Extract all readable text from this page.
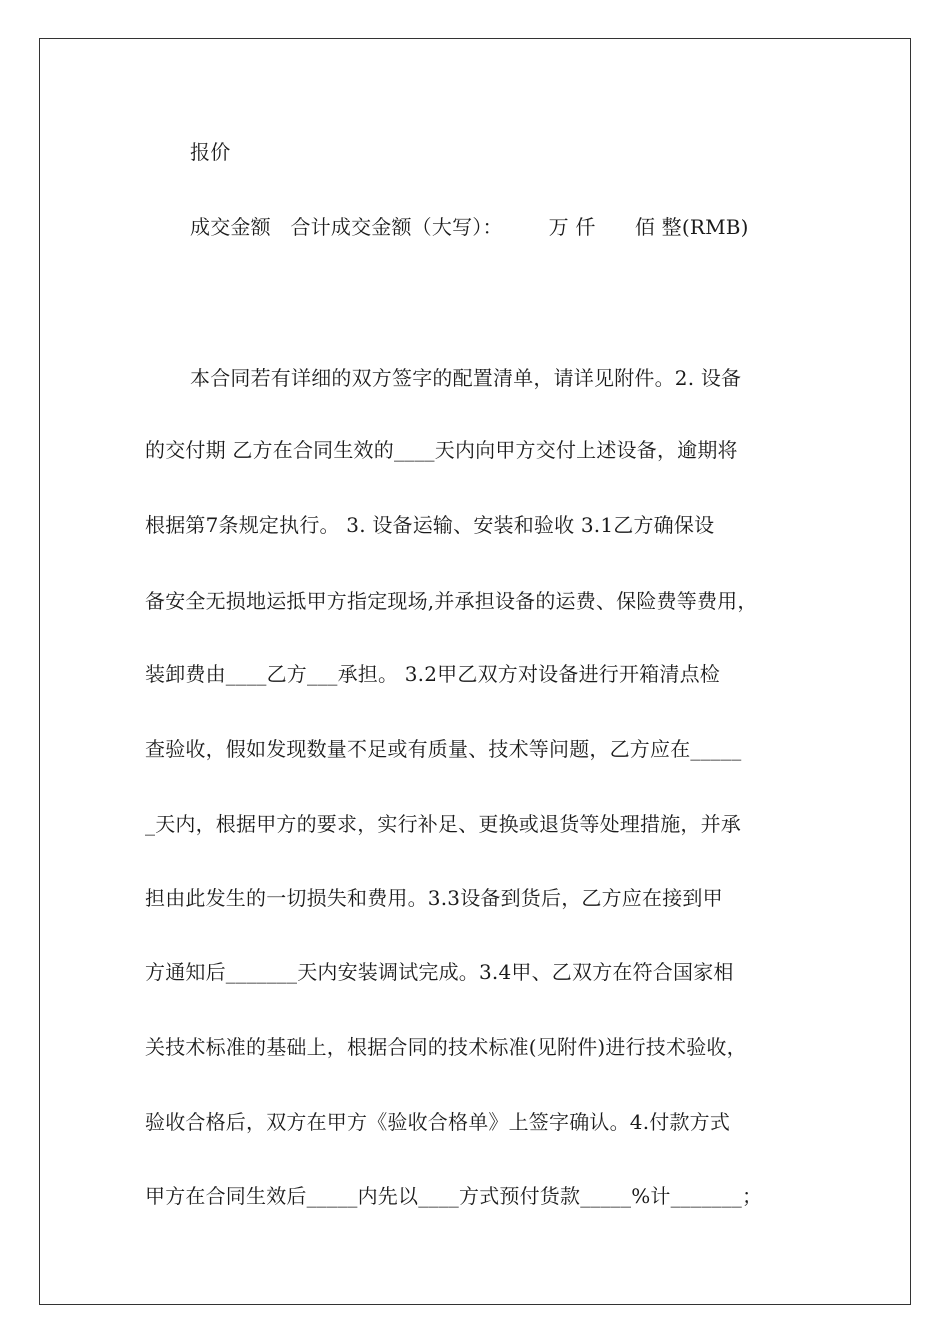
报价
成交金额   合计成交金额（大写）：       万 仟      佰 整(RMB)
本合同若有详细的双方签字的配置清单，请详见附件。2. 设备
的交付期 乙方在合同生效的____天内向甲方交付上述设备，逾期将
根据第7条规定执行。 3. 设备运输、安装和验收 3.1乙方确保设
备安全无损地运抵甲方指定现场,并承担设备的运费、保险费等费用，
装卸费由____乙方___承担。 3.2甲乙双方对设备进行开箱清点检
查验收，假如发现数量不足或有质量、技术等问题，乙方应在_____
_天内，根据甲方的要求，实行补足、更换或退货等处理措施，并承
担由此发生的一切损失和费用。3.3设备到货后，乙方应在接到甲
方通知后_______天内安装调试完成。3.4甲、乙双方在符合国家相
关技术标准的基础上，根据合同的技术标准(见附件)进行技术验收，
验收合格后，双方在甲方《验收合格单》上签字确认。4.付款方式
甲方在合同生效后_____内先以____方式预付货款_____%计_______；
